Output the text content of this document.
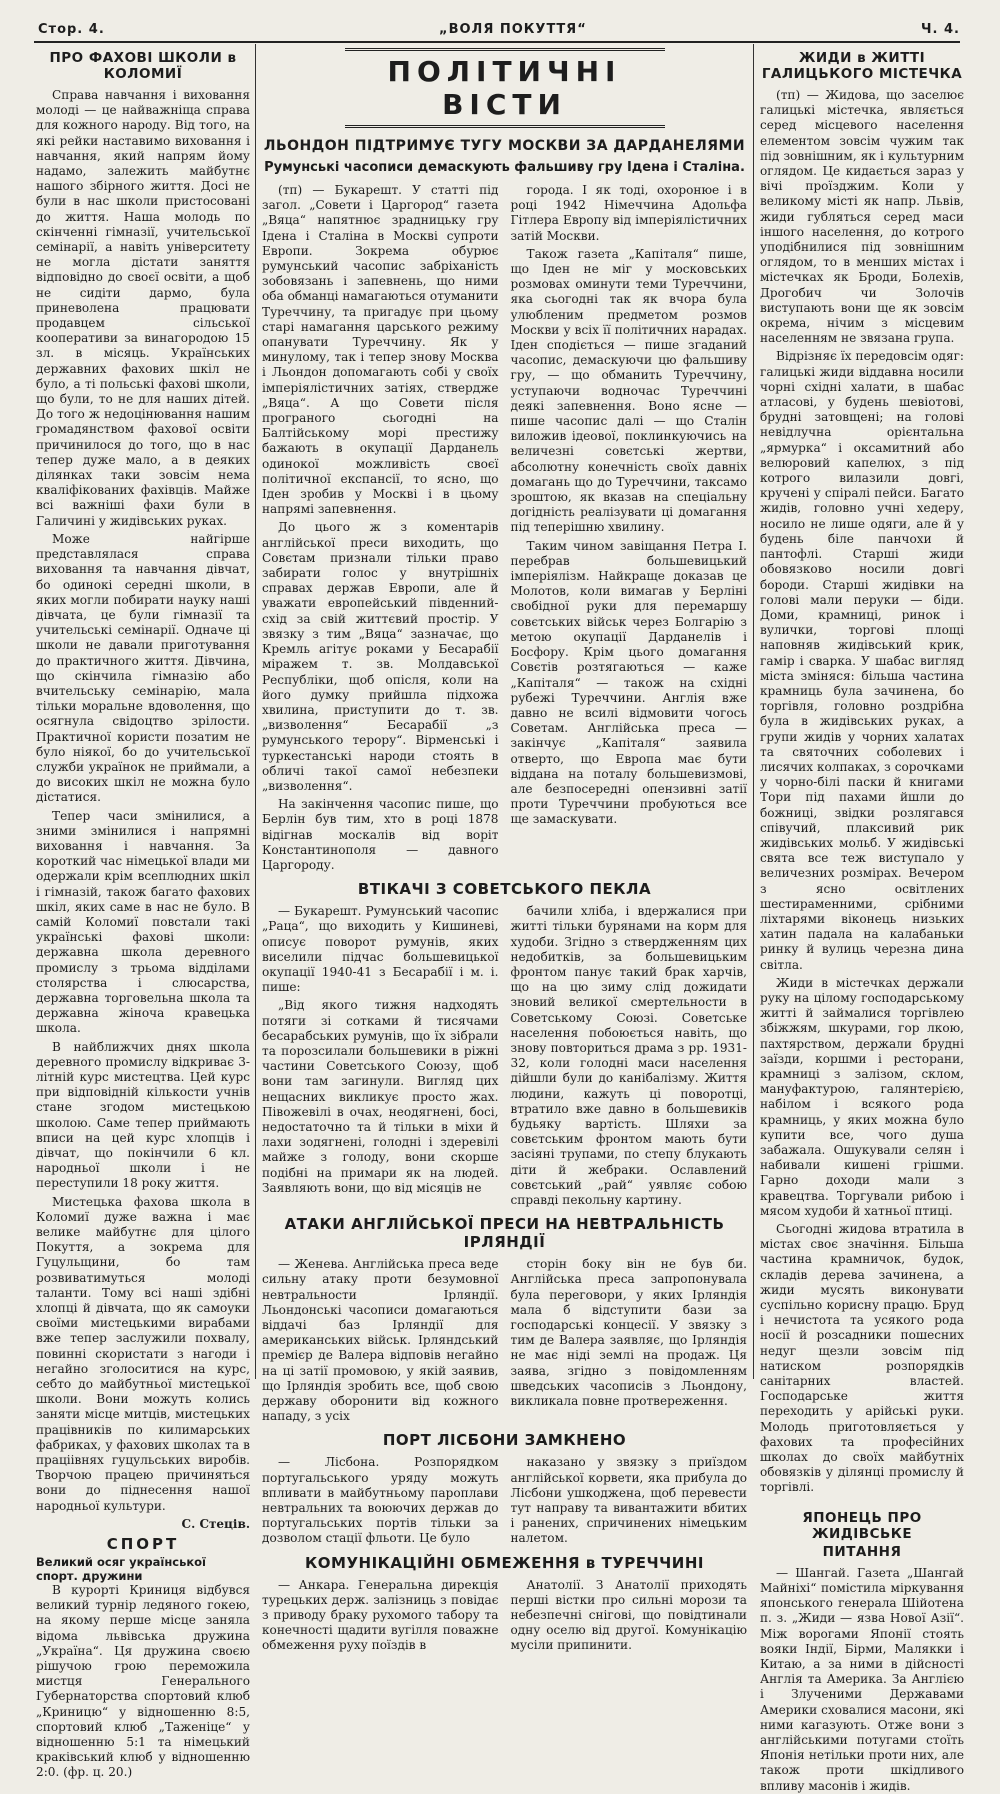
Стор. 4.	„ВОЛЯ ПОКУТТЯ“	Ч. 4.
ПРО ФАХОВІ ШКОЛИ в КОЛОМИЇ

Справа навчання і виховання молоді — це найважніща справа для кожного народу. Від того, на які рейки наставимо виховання і навчання, який напрям йому надамо, залежить майбутнє нашого збірного життя. Досі не були в нас школи пристосовані до життя. Наша молодь по скінченні гімназії, учительської семінарії, а навіть університету не могла дістати заняття відповідно до своєї освіти, а щоб не сидіти дармо, була приневолена працювати продавцем сільської кооперативи за винагородою 15 зл. в місяць. Українських державних фахових шкіл не було, а ті польські фахові школи, що були, то не для наших дітей. До того ж недоцінювання нашим громадянством фахової освіти причинилося до того, що в нас тепер дуже мало, а в деяких ділянках таки зовсім нема кваліфікованих фахівців. Майже всі важніші фахи були в Галичині у жидівських руках.

Може найгірше представлялася справа виховання та навчання дівчат, бо одинокі середні школи, в яких могли побирати науку наші дівчата, це були гімназії та учительські семінарії. Одначе ці школи не давали приготування до практичного життя. Дівчина, що скінчила гімназію або вчительську семінарію, мала тільки моральне вдоволення, що осягнула свідоцтво зрілости. Практичної користи позатим не було ніякої, бо до учительської служби українок не приймали, а до високих шкіл не можна було дістатися.

Тепер часи змінилися, а зними змінилися і напрямні виховання і навчання. За короткий час німецької влади ми одержали крім всеплюдних шкіл і гімназій, також багато фахових шкіл, яких саме в нас не було. В самій Коломиї повстали такі українські фахові школи: державна школа деревного промислу з трьома відділами столярства і слюсарства, державна торговельна школа та державна жіноча кравецька школа.

В найближчих днях школа деревного промислу відкриває 3-літній курс мистецтва. Цей курс при відповідній кількости учнів стане згодом мистецькою школою. Саме тепер приймають вписи на цей курс хлопців і дівчат, що покінчили 6 кл. народньої школи і не переступили 18 року життя.

Мистецька фахова школа в Коломиї дуже важна і має велике майбутнє для цілого Покуття, а зокрема для Гуцульщини, бо там розвиватимуться молоді таланти. Тому всі наші здібні хлопці й дівчата, що як самоуки своїми мистецькими вирабами вже тепер заслужили похвалу, повинні скористати з нагоди і негайно зголоситися на курс, себто до майбутньої мистецької школи. Вони можуть колись заняти місце митців, мистецьких працівників по килимарських фабриках, у фахових школах та в праціівнях гуцульських виробів. Творчою працею причиняться вони до піднесення нашої народньої культури.

С. Стеців.
СПОРТ
Великий осяг української спорт. дружини

В курорті Криниця відбувся великий турнір ледяного гокею, на якому перше місце заняла відома львівська дружина „Україна“. Ця дружина своєю рішучою грою переможила мистця Генерального Губернаторства спортовий клюб „Криницю“ у відношенню 8:5, спортовий клюб „Таженіце“ у відношенню 5:1 та німецький краківський клюб у відношенню 2:0. (фр. ц. 20.)

ПОЛІТИЧНІ ВІСТИ
ЛЬОНДОН ПІДТРИМУЄ ТУГУ МОСКВИ ЗА ДАРДАНЕЛЯМИ
Румунські часописи демаскують фальшиву гру Ідена і Сталіна.

(тп) — Букарешт. У статті під загол. „Совети і Царгород“ газета „Вяца“ напятнює зрадницьку гру Ідена і Сталіна в Москві супроти Европи. Зокрема обурює румунський часопис забріханість зобовязань і запевнень, що ними оба обманці намагаються отуманити Туреччину, та пригадує при цьому старі намагання царського режиму опанувати Туреччину. Як у минулому, так і тепер знову Москва і Льондон допомагають собі у своїх імперіялістичних затіях, ствердже „Вяца“. А що Совети після програного сьогодні на Балтійському морі престижу бажають в окупації Дарданель одинокої можливість своєї політичної експансії, то ясно, що Іден зробив у Москві і в цьому напрямі запевнення.

До цього ж з коментарів англійської преси виходить, що Совєтам признали тільки право забирати голос у внутрішніх справах держав Европи, але й уважати европейський південний-схід за свій життєвий простір. У звязку з тим „Вяца“ зазначає, що Кремль агітує роками у Бесарабії міражем т. зв. Молдавської Республіки, щоб опісля, коли на його думку прийшла підхожа хвилина, приступити до т. зв. „визволення“ Бесарабії „з румунського терору“. Вірменські і туркестанські народи стоять в обличі такої самої небезпеки „визволення“.

На закінчення часопис пише, що Берлін був тим, хто в році 1878 відігнав москалів від воріт Константинополя — давного Царгороду.

города. І як тоді, охоронюе і в році 1942 Німеччина Адольфа Гітлера Европу від імперіялістичних затій Москви.

Також газета „Капіталя“ пише, що Іден не міг у московських розмовах оминути теми Туреччини, яка сьогодні так як вчора була улюбленим предметом розмов Москви у всіх її політичних нарадах. Іден сподіється — пише згаданий часопис, демаскуючи цю фальшиву гру, — що обманить Туреччину, уступаючи водночас Туреччині деякі запевнення. Воно ясне — пише часопис далі — що Сталін виложив ідеової, поклинкуючись на величезні совєтські жертви, абсолютну конечність своїх давніх домагань що до Туреччини, таксамо зроштою, як вказав на спеціальну догідність реалізувати ці домагання під теперішню хвилину.

Таким чином завіщання Петра І. перебрав большевицький імперіялізм. Найкраще доказав це Молотов, коли вимагав у Берліні свобідної руки для перемаршу совєтських військ через Болгарію з метою окупації Дарданелів і Босфору. Крім цього домагання Совєтів розтягаються — каже „Капіталя“ — також на східні рубежі Туреччини. Англія вже давно не всилі відмовити чогось Советам. Англійська преса — закінчує „Капіталя“ заявила отверто, що Европа має бути віддана на поталу большевизмові, але безпосередні опензивні затії проти Туреччини пробуються все ще замаскувати.

ВТІКАЧІ З СОВЕТСЬКОГО ПЕКЛА

— Букарешт. Румунський часопис „Раца“, що виходить у Кишиневі, описує поворот румунів, яких виселили підчас большевицької окупації 1940-41 з Бесарабії і м. і. пише:

„Від якого тижня надходять потяги зі сотками й тисячами бесарабських румунів, що їх зібрали та порозсилали большевики в ріжні частини Советського Союзу, щоб вони там загинули. Вигляд цих нещасних викликує просто жах. Півожевілі в очах, неодягнені, босі, недостаточно та й тільки в міхи й лахи зодягнені, голодні і здеревілі майже з голоду, вони скорше подібні на примари як на людей. Заявляють вони, що від місяців не

бачили хліба, і вдержалися при житті тільки бурянами на корм для худоби. Згідно з ствердженням цих недобитків, за большевицьким фронтом панує такий брак харчів, що на цю зиму слід дожидати зновий великої смертельности в Советському Союзі. Советське населення побоюється навіть, що знову повториться драма з рр. 1931-32, коли голодні маси населення дійшли були до канібалізму. Життя людини, кажуть ці поворотці, втратило вже давно в большевиків будьяку вартість. Шляхи за совєтським фронтом мають бути засіяні трупами, по степу блукають діти й жебраки. Ославлений совєтський „рай“ уявляє собою справді пекольну картину.

АТАКИ АНГЛІЙСЬКОЇ ПРЕСИ НА НЕВТРАЛЬНІСТЬ ІРЛЯНДІЇ

— Женева. Англійська преса веде сильну атаку проти безумовної невтральности Ірляндії. Льондонські часописи домагаються віддачі баз Ірляндії для американських військ. Ірляндський премієр де Валера відповів негайно на ці затії промовою, у якій заявив, що Ірляндія зробить все, щоб свою державу оборонити від кожного нападу, з усіх

сторін боку він не був би. Англійська преса запропонувала була переговори, у яких Ірляндія мала б відступити бази за господарські концесії. У звязку з тим де Валера заявляє, що Ірляндія не має ніді землі на продаж. Ця заява, згідно з повідомленням шведських часописів з Льондону, викликала повне протвереження.

ПОРТ ЛІСБОНИ ЗАМКНЕНО

— Лісбона. Розпорядком португальського уряду можуть впливати в майбутньому пароплави невтральних та воюючих держав до португальських портів тільки за дозволом стації фльоти. Це було

наказано у звязку з приїздом англійської корвети, яка прибула до Лісбони ушкоджена, щоб перевести тут направу та вивантажити вбитих і ранених, спричинених німецьким налетом.

КОМУНІКАЦІЙНІ ОБМЕЖЕННЯ в ТУРЕЧЧИНІ

— Анкара. Генеральна дирекція турецьких держ. залізниць з повідає з приводу браку рухомого табору та конечності щадити вугілля поважне обмеження руху поїздів в

Анатолії. З Анатолії приходять перші вістки про сильні морози та небезпечні снігові, що повідтинали одну оселю від другої. Комунікацію мусіли припинити.

ЖИДИ в ЖИТТІ ГАЛИЦЬКОГО МІСТЕЧКА

(тп) — Жидова, що заселює галицькі містечка, являється серед місцевого населення елементом зовсім чужим так під зовнішним, як і культурним оглядом. Це кидається зараз у вічі проїзджим. Коли у великому місті як напр. Львів, жиди губляться серед маси іншого населення, до котрого уподібнилися під зовнішним оглядом, то в менших містах і містечках як Броди, Болехів, Дрогобич чи Золочів виступають вони ще як зовсім окрема, нічим з місцевим населенням не звязана група.

Відрізняє їх передовсім одяг: галицькі жиди віддавна носили чорні східні халати, в шабас атласові, у будень шевіотові, брудні затовщені; на голові невідлучна орієнтальна „ярмурка“ і оксамитний або велюровий капелюх, з під котрого вилазили довгі, кручені у спіралі пейси. Багато жидів, головно учні хедеру, носило не лише одяги, але й у будень біле панчохи й пантофлі. Старші жиди обовязково носили довгі бороди. Старші жидівки на голові мали перуки — біди. Доми, крамниці, ринок і вулички, торгові площі наповняв жидівський крик, гамір і сварка. У шабас вигляд міста зміняся: більша частина крамниць була зачинена, бо торгівля, головно роздрібна була в жидівських руках, а групи жидів у чорних халатах та святочних соболевих і лисячих колпаках, з сорочками у чорно-білі паски й книгами Тори під пахами йшли до божниці, звідки розлягався співучий, плаксивий рик жидівських мольб. У жидівські свята все теж виступало у величезних розмірах. Вечером з ясно освітлених шестираменними, срібними ліхтарями віконець низьких хатин падала на калабаньки ринку й вулиць черезна дина світла.

Жиди в містечках держали руку на цілому господарському житті й займалися торгівлею збіжжям, шкурами, гор лкою, пахтярством, держали брудні заїзди, коршми і ресторани, крамниці з залізом, склом, мануфактурою, галянтерією, набілом і всякого рода крамниць, у яких можна було купити все, чого душа забажала. Ошукували селян і набивали кишені грішми. Гарно доходи мали з кравецтва. Торгували рибою і мясом худоби й хатньої птиці.

Сьогодні жидова втратила в містах своє значіння. Більша частина крамничок, будок, складів дерева зачинена, а жиди мусять виконувати суспільно корисну працю. Бруд і нечистота та усякого рода носії й розсадники пошесних недуг щезли зовсім під натиском розпорядків санітарних властей. Господарське життя переходить у арійські руки. Молодь приготовляється у фахових та професійних школах до своїх майбутніх обовязків у ділянці промислу й торгівлі.

ЯПОНЕЦЬ ПРО ЖИДІВСЬКЕ
ПИТАННЯ

— Шангай. Газета „Шангай Майніхі“ помістила міркування японського генерала Шійотена п. з. „Жиди — язва Нової Азії“. Між ворогами Японії стоять вояки Індії, Бірми, Малякки і Китаю, а за ними в дійсності Англія та Америка. За Англією і Злученими Державами Америки сховалися масони, які ними кагазують. Отже вони з англійськими потугами стоїть Японія нетільки проти них, але також проти шкідливого впливу масонів і жидів.
